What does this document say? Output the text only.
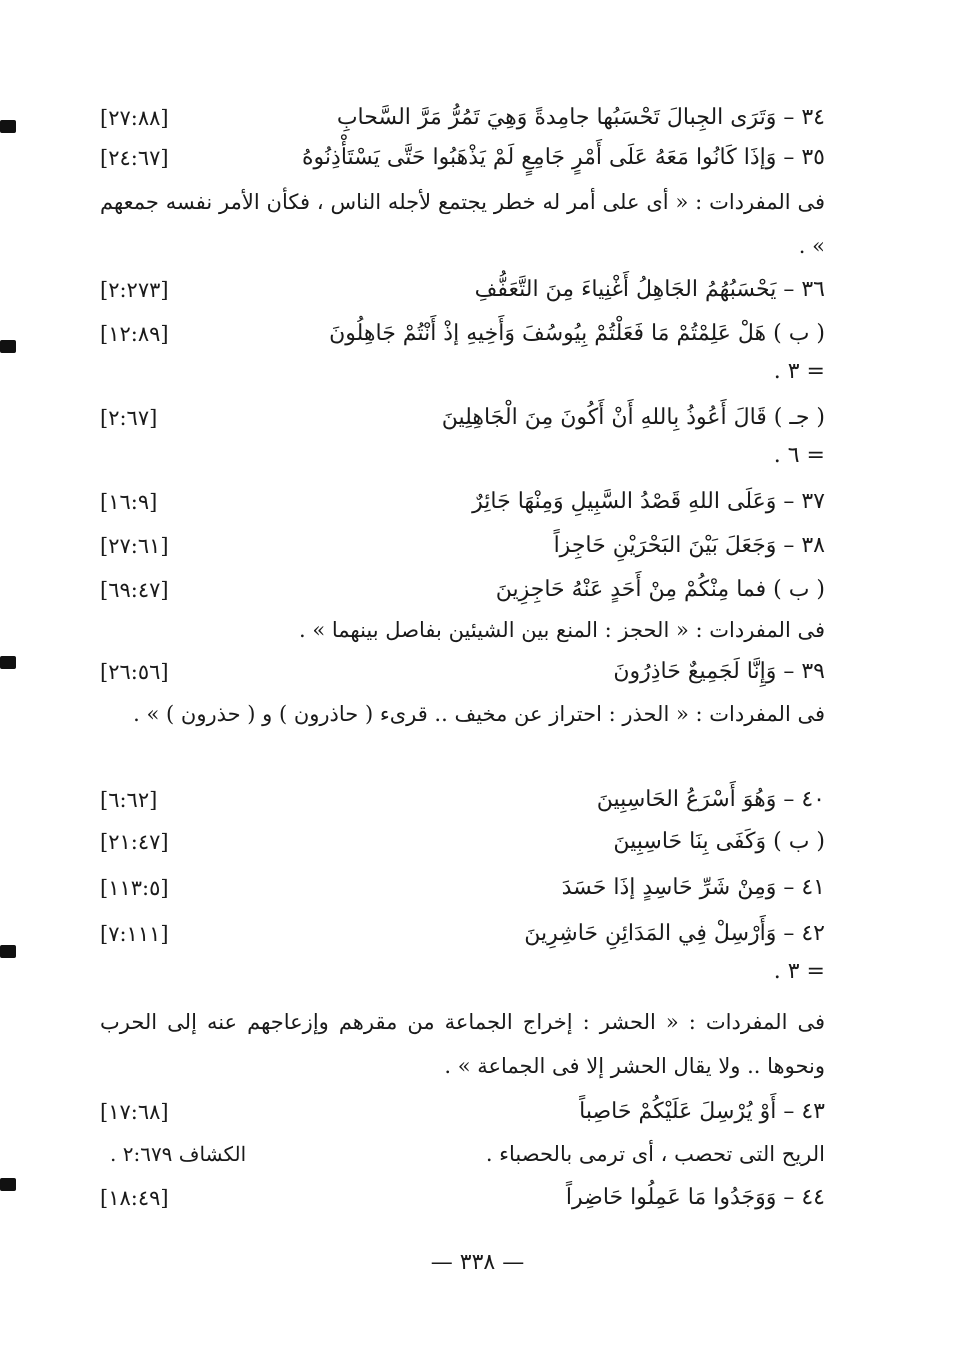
٣٤ – وَتَرَى الجِبالَ تَحْسَبُها جامِدةً وَهِيَ تَمُرُّ مَرَّ السَّحابِ
[٢٧:٨٨]
٣٥ – وَإذَا كَانُوا مَعَهُ عَلَى أَمْرٍ جَامِعٍ لَمْ يَذْهَبُوا حَتَّى يَسْتَأْذِنُوهُ
[٢٤:٦٧]
فى المفردات : « أى على أمر له خطر يجتمع لأجله الناس ، فكأن الأمر نفسه جمعهم » .
٣٦ – يَحْسَبُهُمُ الجَاهِلُ أَغْنِياءَ مِنَ التَّعَفُّفِ
[٢:٢٧٣]
( ب ) هَلْ عَلِمْتُمْ مَا فَعَلْتُمْ بِيُوسُفَ وَأَخِيهِ إذْ أَنْتُمْ جَاهِلُونَ
[١٢:٨٩]
= ٣ .
( جـ ) قَالَ أَعُوذُ بِاللهِ أَنْ أَكُونَ مِنَ الْجَاهِلِينَ
[٢:٦٧]
= ٦ .
٣٧ – وَعَلَى اللهِ قَصْدُ السَّبِيلِ وَمِنْهَا جَائِرٌ
[١٦:٩]
٣٨ – وَجَعَلَ بَيْنَ البَحْرَيْنِ حَاجِزاً
[٢٧:٦١]
( ب ) فما مِنْكُمْ مِنْ أَحَدٍ عَنْهُ حَاجِزِينَ
[٦٩:٤٧]
فى المفردات : « الحجز : المنع بين الشيئين بفاصل بينهما » .
٣٩ – وَإِنَّا لَجَمِيعٌ حَاذِرُونَ
[٢٦:٥٦]
فى المفردات : « الحذر : احتراز عن مخيف .. قرىء ( حاذرون ) و ( حذرون ) » .
٤٠ – وَهُوَ أَسْرَعُ الحَاسِبِينَ
[٦:٦٢]
( ب ) وَكَفَى بِنَا حَاسِبِينَ
[٢١:٤٧]
٤١ – وَمِنْ شَرِّ حَاسِدٍ إذَا حَسَدَ
[١١٣:٥]
٤٢ – وَأَرْسِلْ فِي المَدَائِنِ حَاشِرِينَ
[٧:١١١]
= ٣ .
فى المفردات : « الحشر : إخراج الجماعة من مقرهم وإزعاجهم عنه إلى الحرب ونحوها .. ولا يقال الحشر إلا فى الجماعة » .
٤٣ – أَوْ يُرْسِلَ عَلَيْكُمْ حَاصِباً
[١٧:٦٨]
الريح التى تحصب ، أى ترمى بالحصباء .
الكشاف ٢:٦٧٩ .
٤٤ – وَوَجَدُوا مَا عَمِلُوا حَاضِراً
[١٨:٤٩]
— ٣٣٨ —
